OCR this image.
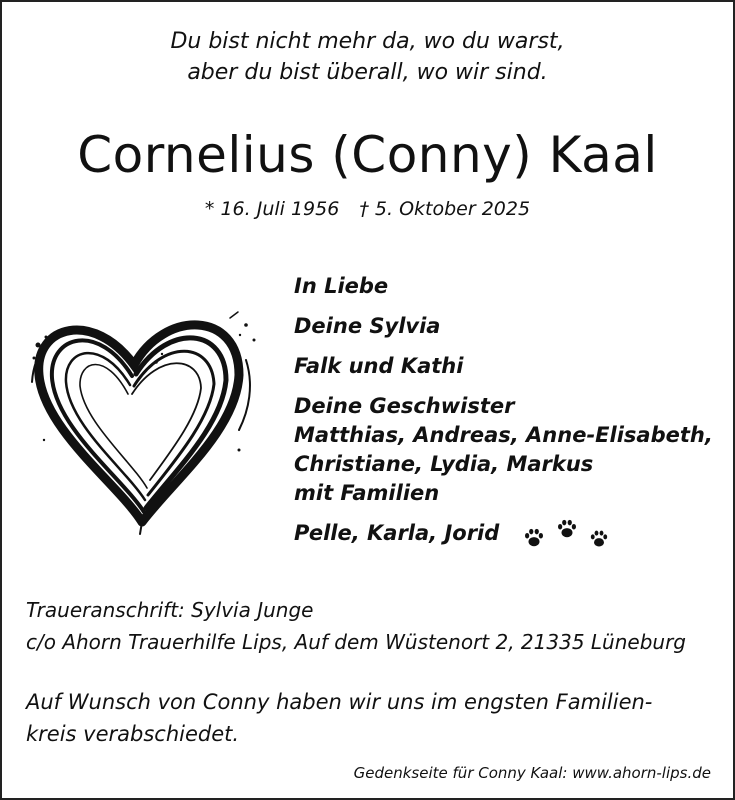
Du bist nicht mehr da, wo du warst,
aber du bist überall, wo wir sind.
Cornelius (Conny) Kaal
* 16. Juli 1956 † 5. Oktober 2025
In Liebe
Deine Sylvia
Falk und Kathi
Deine Geschwister
Matthias, Andreas, Anne-Elisabeth,
Christiane, Lydia, Markus
mit Familien
Pelle, Karla, Jorid
Traueranschrift: Sylvia Junge
c/o Ahorn Trauerhilfe Lips, Auf dem Wüstenort 2, 21335 Lüneburg
Auf Wunsch von Conny haben wir uns im engsten Familien-
kreis verabschiedet.
Gedenkseite für Conny Kaal: www.ahorn-lips.de
